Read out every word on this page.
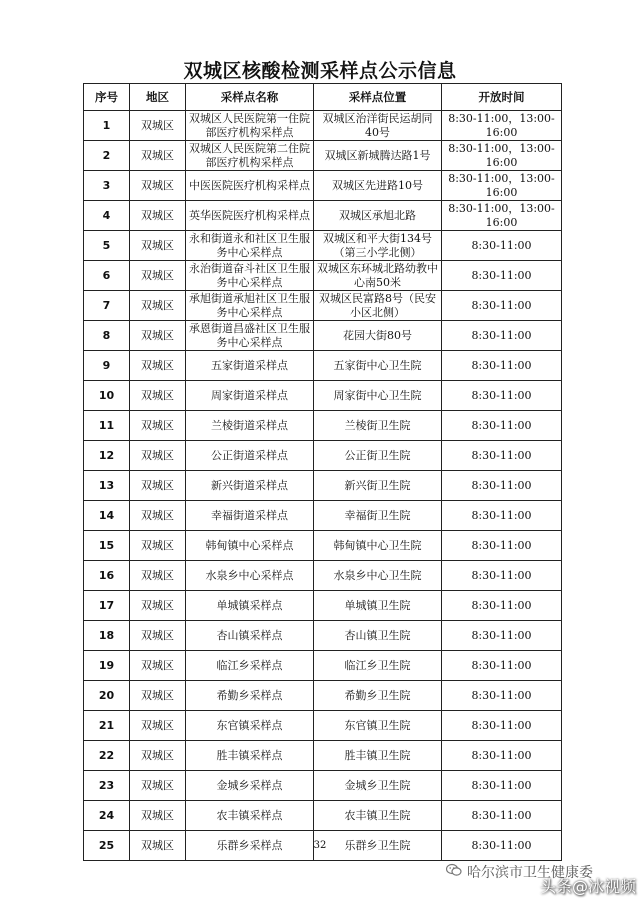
双城区核酸检测采样点公示信息
序号	地区	采样点名称	采样点位置	开放时间
1	双城区	双城区人民医院第一住院部医疗机构采样点	双城区治洋街民运胡同40号	8:30-11:00，13:00-16:00
2	双城区	双城区人民医院第二住院部医疗机构采样点	双城区新城腾达路1号	8:30-11:00，13:00-16:00
3	双城区	中医医院医疗机构采样点	双城区先进路10号	8:30-11:00，13:00-16:00
4	双城区	英华医院医疗机构采样点	双城区承旭北路	8:30-11:00，13:00-16:00
5	双城区	永和街道永和社区卫生服务中心采样点	双城区和平大街134号（第三小学北侧）	8:30-11:00
6	双城区	永治街道奋斗社区卫生服务中心采样点	双城区东环城北路幼教中心南50米	8:30-11:00
7	双城区	承旭街道承旭社区卫生服务中心采样点	双城区民富路8号（民安小区北侧）	8:30-11:00
8	双城区	承恩街道昌盛社区卫生服务中心采样点	花园大街80号	8:30-11:00
9	双城区	五家街道采样点	五家街中心卫生院	8:30-11:00
10	双城区	周家街道采样点	周家街中心卫生院	8:30-11:00
11	双城区	兰棱街道采样点	兰棱街卫生院	8:30-11:00
12	双城区	公正街道采样点	公正街卫生院	8:30-11:00
13	双城区	新兴街道采样点	新兴街卫生院	8:30-11:00
14	双城区	幸福街道采样点	幸福街卫生院	8:30-11:00
15	双城区	韩甸镇中心采样点	韩甸镇中心卫生院	8:30-11:00
16	双城区	水泉乡中心采样点	水泉乡中心卫生院	8:30-11:00
17	双城区	单城镇采样点	单城镇卫生院	8:30-11:00
18	双城区	杏山镇采样点	杏山镇卫生院	8:30-11:00
19	双城区	临江乡采样点	临江乡卫生院	8:30-11:00
20	双城区	希勤乡采样点	希勤乡卫生院	8:30-11:00
21	双城区	东官镇采样点	东官镇卫生院	8:30-11:00
22	双城区	胜丰镇采样点	胜丰镇卫生院	8:30-11:00
23	双城区	金城乡采样点	金城乡卫生院	8:30-11:00
24	双城区	农丰镇采样点	农丰镇卫生院	8:30-11:00
25	双城区	乐群乡采样点	乐群乡卫生院	8:30-11:00
32
哈尔滨市卫生健康委
头条@冰视频
